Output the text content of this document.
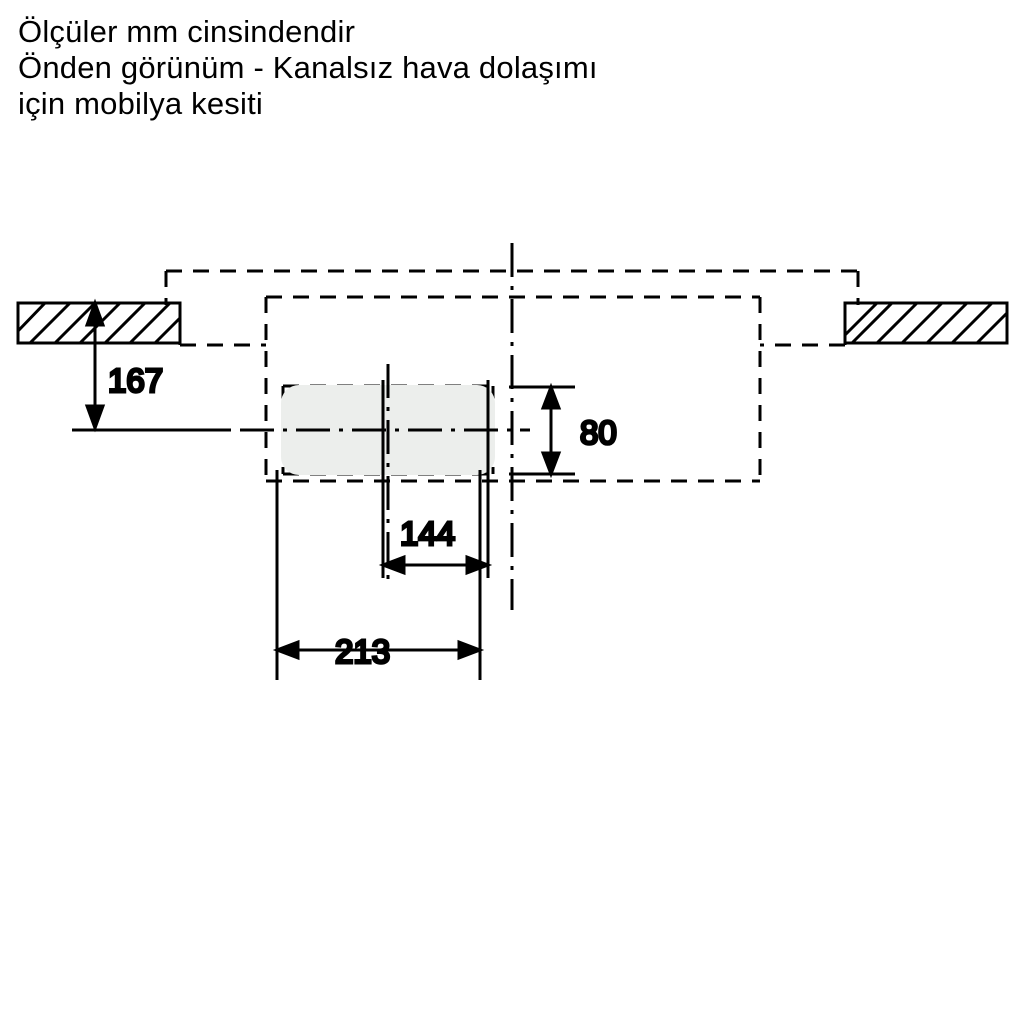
Ölçüler mm cinsindendir
Önden görünüm - Kanalsız hava dolaşımı
için mobilya kesiti
167
80
144
213
